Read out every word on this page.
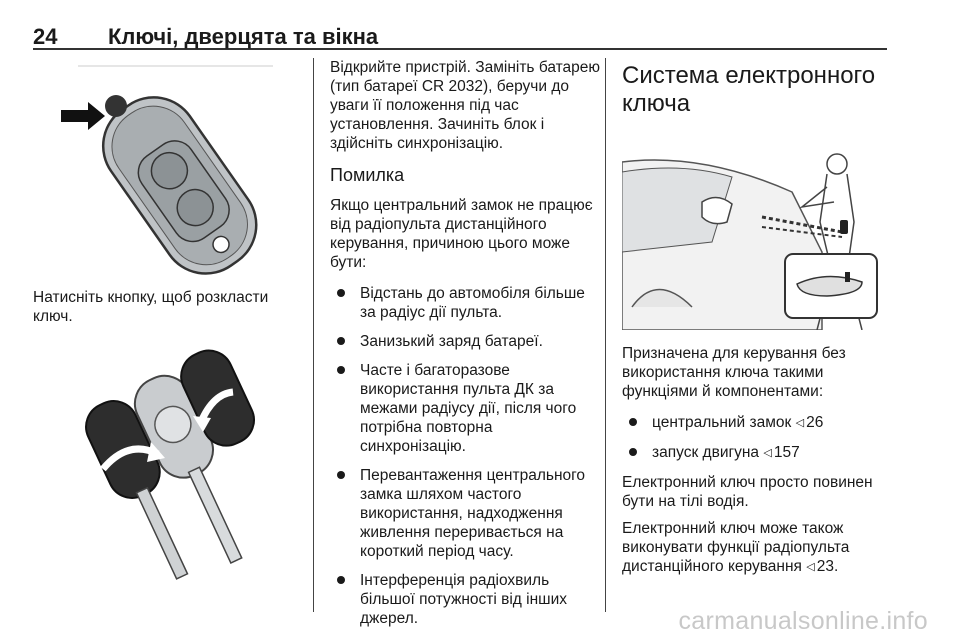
24 Ключі, дверцята та вікна

Натисніть кнопку, щоб розкласти ключ.

Відкрийте пристрій. Замініть батарею (тип батареї CR 2032), беручи до уваги її положення під час установлення. Зачиніть блок і здійсніть синхронізацію.

Помилка

Якщо центральний замок не працює від радіопульта дистанційного керування, причиною цього може бути:

Відстань до автомобіля більше за радіус дії пульта.
Занизький заряд батареї.
Часте і багаторазове використання пульта ДК за межами радіусу дії, після чого потрібна повторна синхронізацію.
Перевантаження центрального замка шляхом частого використання, надходження живлення переривається на короткий період часу.
Інтерференція радіохвиль більшої потужності від інших джерел.
Система електронного ключа

Призначена для керування без використання ключа такими функціями й компонентами:

центральний замок ◁ 26
запуск двигуна ◁ 157

Електронний ключ просто повинен бути на тілі водія.

Електронний ключ може також виконувати функції радіопульта дистанційного керування ◁ 23.

carmanualsonline.info
